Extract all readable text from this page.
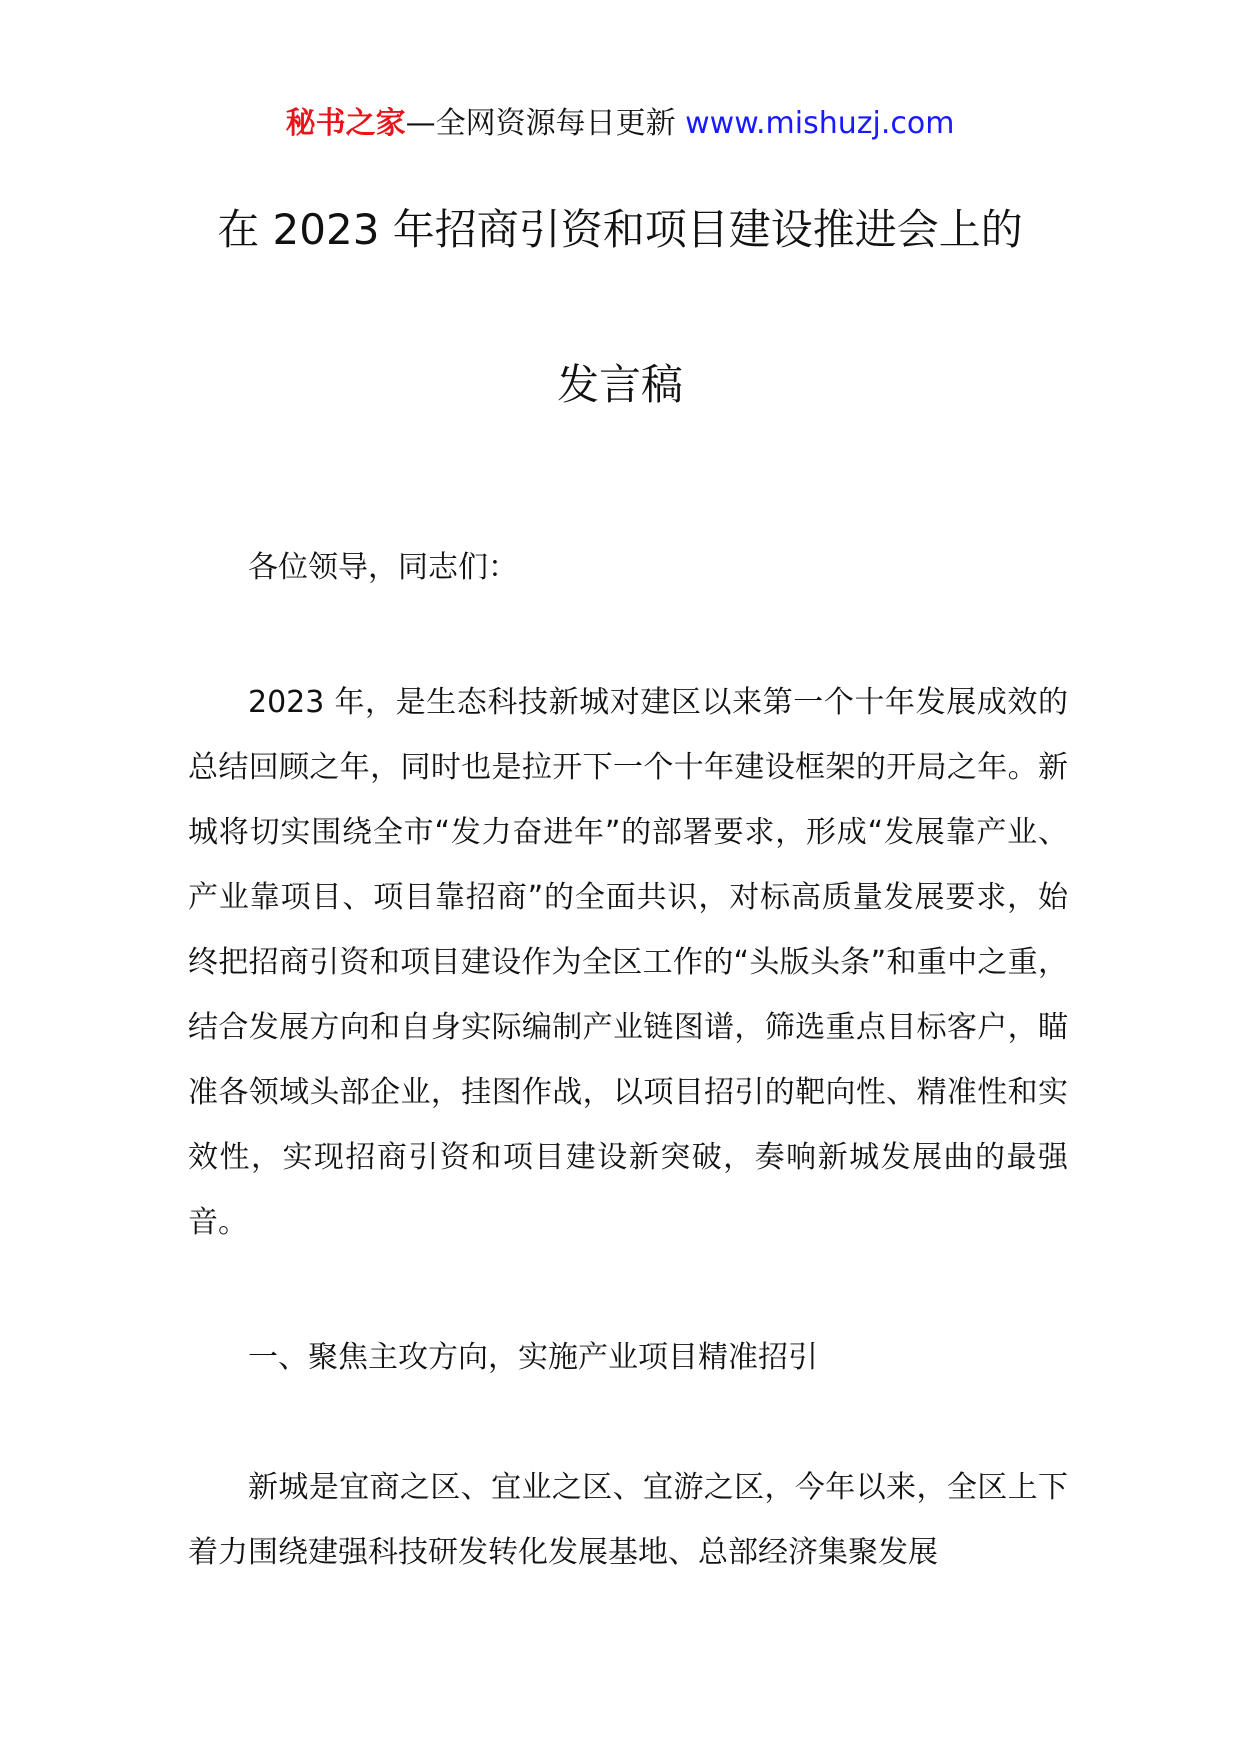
秘书之家—全网资源每日更新 www.mishuzj.com
在 2023 年招商引资和项目建设推进会上的
发言稿

各位领导，同志们：

2023 年，是生态科技新城对建区以来第一个十年发展成效的总结回顾之年，同时也是拉开下一个十年建设框架的开局之年。新城将切实围绕全市“发力奋进年”的部署要求，形成“发展靠产业、产业靠项目、项目靠招商”的全面共识，对标高质量发展要求，始终把招商引资和项目建设作为全区工作的“头版头条”和重中之重，结合发展方向和自身实际编制产业链图谱，筛选重点目标客户，瞄准各领域头部企业，挂图作战，以项目招引的靶向性、精准性和实效性，实现招商引资和项目建设新突破，奏响新城发展曲的最强音。

一、聚焦主攻方向，实施产业项目精准招引

新城是宜商之区、宜业之区、宜游之区，今年以来，全区上下着力围绕建强科技研发转化发展基地、总部经济集聚发展
